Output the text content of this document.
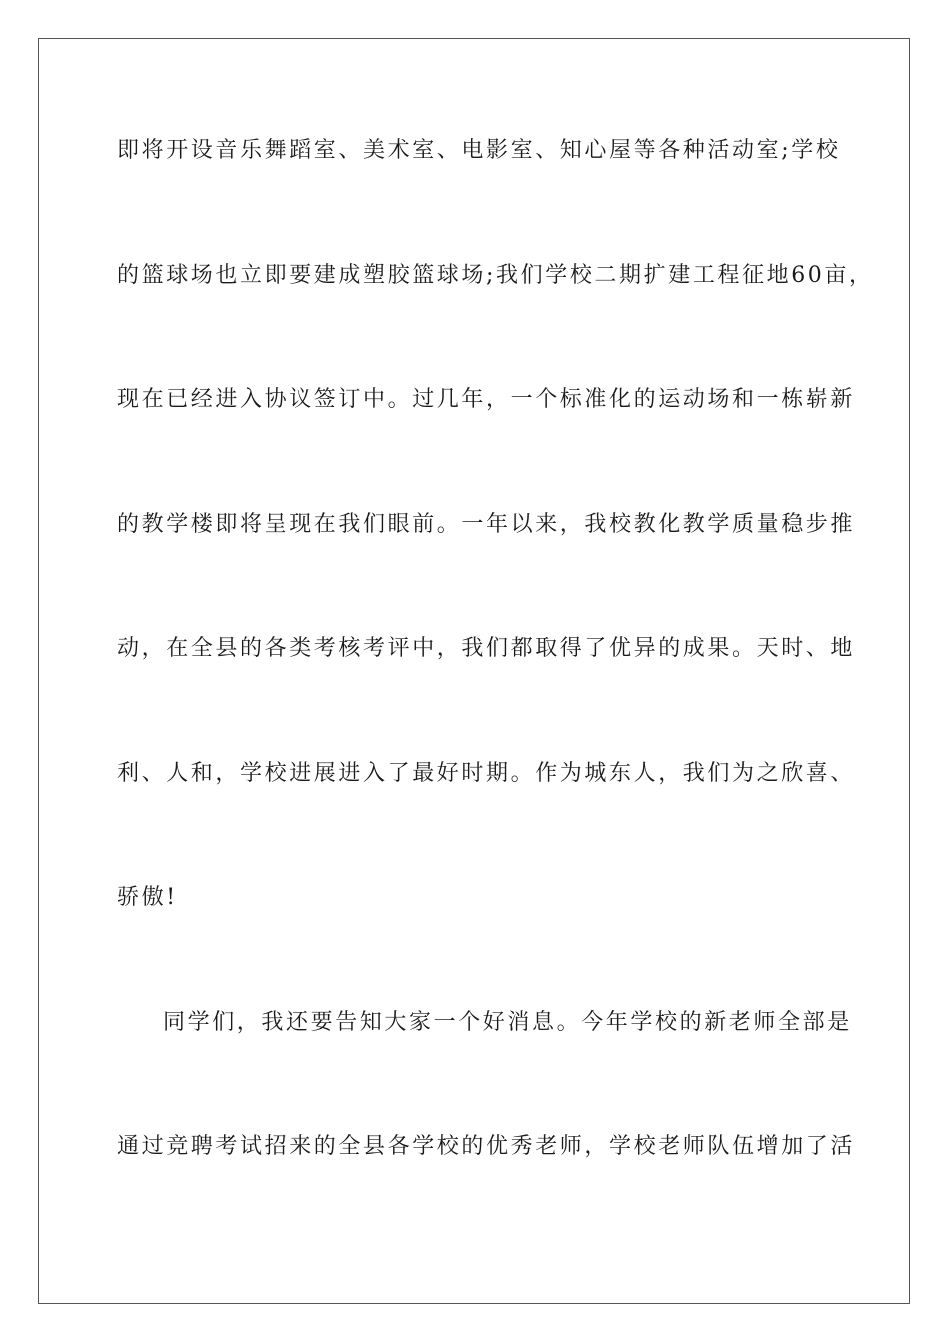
即将开设音乐舞蹈室、美术室、电影室、知心屋等各种活动室;学校
的篮球场也立即要建成塑胶篮球场;我们学校二期扩建工程征地60亩，
现在已经进入协议签订中。过几年，一个标准化的运动场和一栋崭新
的教学楼即将呈现在我们眼前。一年以来，我校教化教学质量稳步推
动，在全县的各类考核考评中，我们都取得了优异的成果。天时、地
利、人和，学校进展进入了最好时期。作为城东人，我们为之欣喜、
骄傲!
同学们，我还要告知大家一个好消息。今年学校的新老师全部是
通过竞聘考试招来的全县各学校的优秀老师，学校老师队伍增加了活
